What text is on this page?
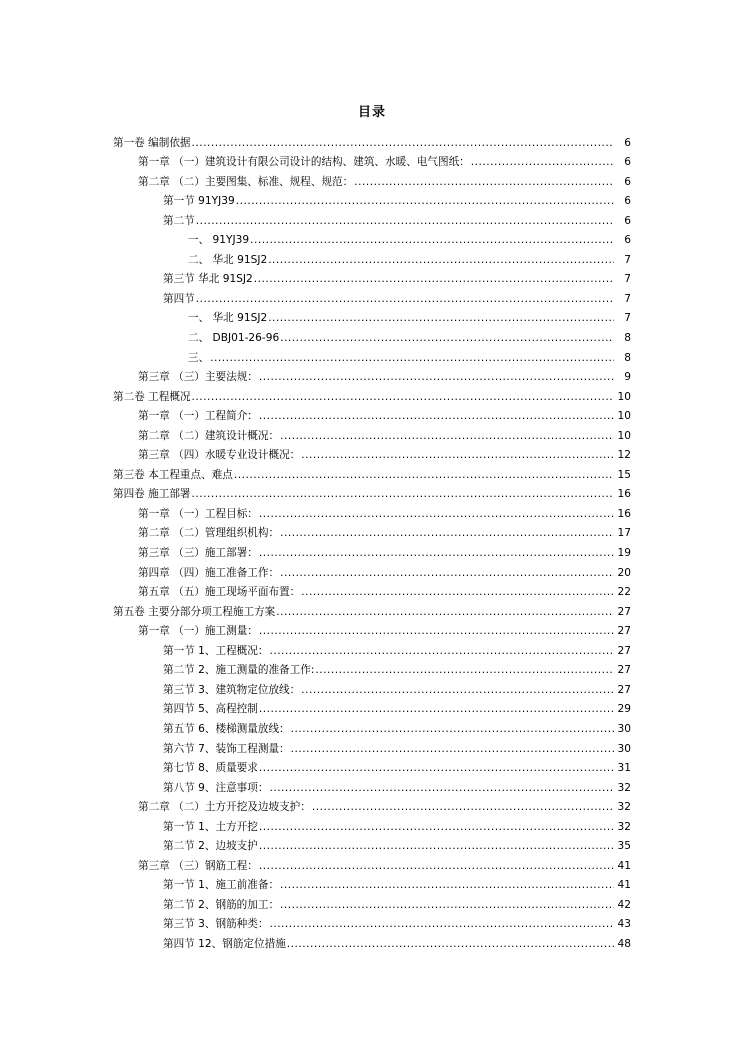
目录
第一卷 编制依据 .....	6
第一章 （一）建筑设计有限公司设计的结构、建筑、水暖、电气图纸： .....	6
第二章 （二）主要图集、标准、规程、规范： .....	6
第一节 91YJ39 .....	6
第二节 .....	6
一、 91YJ39 .....	6
二、 华北 91SJ2 .....	7
第三节 华北 91SJ2 .....	7
第四节 .....	7
一、 华北 91SJ2 .....	7
二、 DBJ01-26-96 .....	8
三、 .....	8
第三章 （三）主要法规： .....	9
第二卷 工程概况 .....	10
第一章 （一）工程简介： .....	10
第二章 （二）建筑设计概况： .....	10
第三章 （四）水暖专业设计概况： .....	12
第三卷 本工程重点、难点 .....	15
第四卷 施工部署 .....	16
第一章 （一）工程目标： .....	16
第二章 （二）管理组织机构： .....	17
第三章 （三）施工部署： .....	19
第四章 （四）施工准备工作： .....	20
第五章 （五）施工现场平面布置： .....	22
第五卷 主要分部分项工程施工方案 .....	27
第一章 （一）施工测量： .....	27
第一节 1、工程概况： .....	27
第二节 2、施工测量的准备工作: .....	27
第三节 3、建筑物定位放线： .....	27
第四节 5、高程控制 .....	29
第五节 6、楼梯测量放线： .....	30
第六节 7、装饰工程测量： .....	30
第七节 8、质量要求 .....	31
第八节 9、注意事项： .....	32
第二章 （二）土方开挖及边坡支护： .....	32
第一节 1、土方开挖 .....	32
第二节 2、边坡支护 .....	35
第三章 （三）钢筋工程： .....	41
第一节 1、施工前准备： .....	41
第二节 2、钢筋的加工： .....	42
第三节 3、钢筋种类： .....	43
第四节 12、钢筋定位措施 .....	48
